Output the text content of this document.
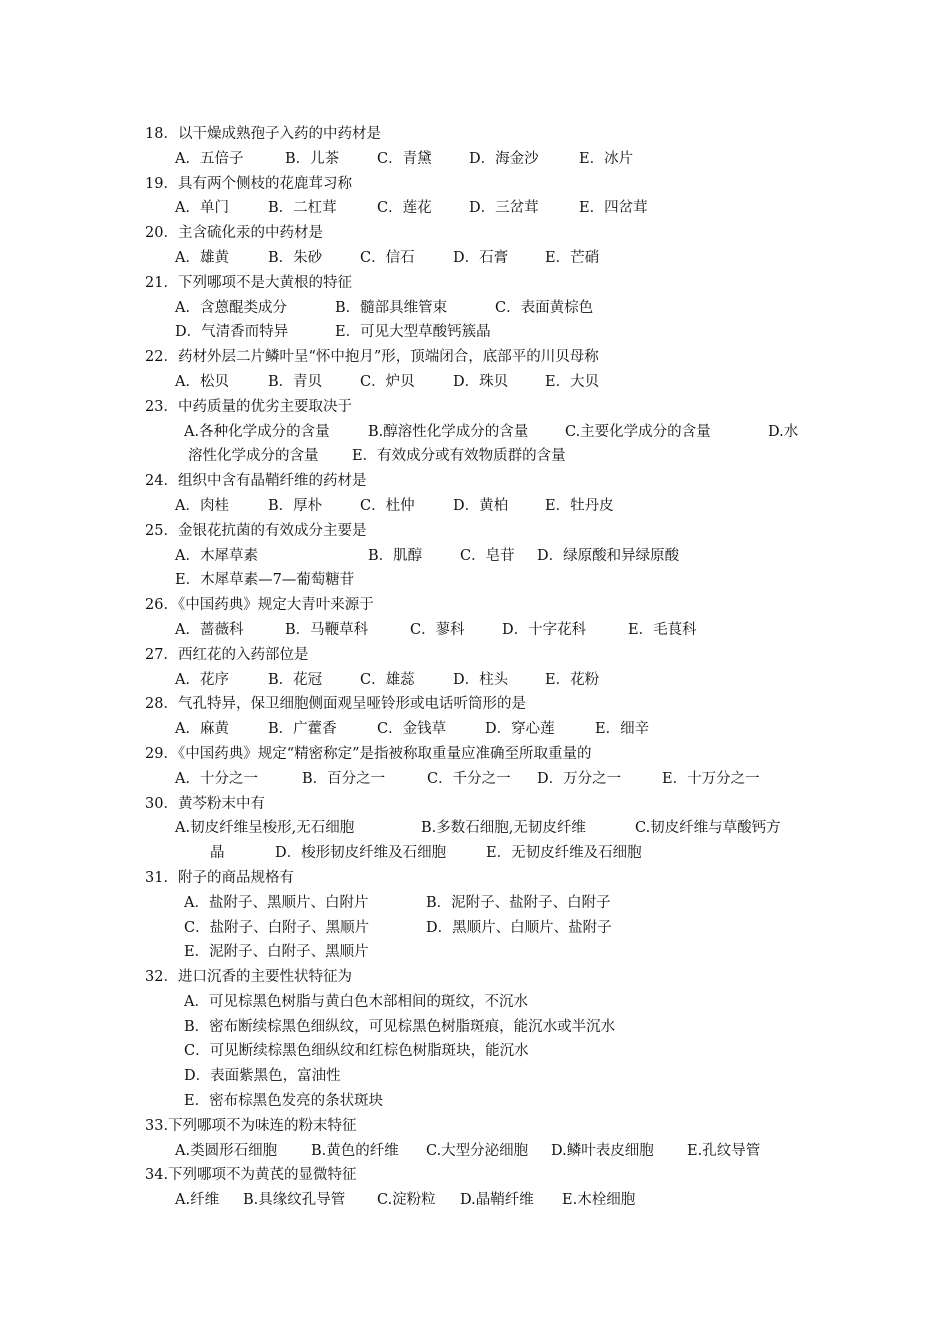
18．以干燥成熟孢子入药的中药材是
A．五倍子	B．儿茶	C．青黛	D．海金沙	E．冰片
19．具有两个侧枝的花鹿茸习称
A．单门	B．二杠茸	C．莲花	D．三岔茸	E．四岔茸
20．主含硫化汞的中药材是
A．雄黄	B．朱砂	C．信石	D．石膏	E．芒硝
21．下列哪项不是大黄根的特征
A．含蒽醌类成分	B．髓部具维管束	C．表面黄棕色
D．气清香而特异	E．可见大型草酸钙簇晶
22．药材外层二片鳞叶呈“怀中抱月”形，顶端闭合，底部平的川贝母称
A．松贝	B．青贝	C．炉贝	D．珠贝	E．大贝
23．中药质量的优劣主要取决于
A.各种化学成分的含量	B.醇溶性化学成分的含量	C.主要化学成分的含量	D.水
溶性化学成分的含量 E．有效成分或有效物质群的含量
24．组织中含有晶鞘纤维的药材是
A．肉桂	B．厚朴	C．杜仲	D．黄柏	E．牡丹皮
25．金银花抗菌的有效成分主要是
A．木犀草素	B．肌醇	C．皂苷 D．绿原酸和异绿原酸
E．木犀草素—7—葡萄糖苷
26．《中国药典》规定大青叶来源于
A．蔷薇科	B．马鞭草科	C．蓼科	D．十字花科	E．毛茛科
27．西红花的入药部位是
A．花序	B．花冠	C．雄蕊	D．柱头	E．花粉
28．气孔特异，保卫细胞侧面观呈哑铃形或电话听筒形的是
A．麻黄	B．广藿香	C．金钱草	D．穿心莲	E．细辛
29．《中国药典》规定“精密称定”是指被称取重量应准确至所取重量的
A．十分之一	B．百分之一	C．千分之一 D．万分之一	E．十万分之一
30．黄芩粉末中有
A.韧皮纤维呈梭形,无石细胞	B.多数石细胞,无韧皮纤维	C.韧皮纤维与草酸钙方
晶	D．梭形韧皮纤维及石细胞	E．无韧皮纤维及石细胞
31．附子的商品规格有
A．盐附子、黑顺片、白附片	B．泥附子、盐附子、白附子
C．盐附子、白附子、黑顺片	D．黑顺片、白顺片、盐附子
E．泥附子、白附子、黑顺片
32．进口沉香的主要性状特征为
A．可见棕黑色树脂与黄白色木部相间的斑纹，不沉水
B．密布断续棕黑色细纵纹，可见棕黑色树脂斑痕，能沉水或半沉水
C．可见断续棕黑色细纵纹和红棕色树脂斑块，能沉水
D．表面紫黑色，富油性
E．密布棕黑色发亮的条状斑块
33.下列哪项不为味连的粉末特征
A.类圆形石细胞 B.黄色的纤维 C.大型分泌细胞 D.鳞叶表皮细胞 E.孔纹导管
34.下列哪项不为黄芪的显微特征
A.纤维 B.具缘纹孔导管 C.淀粉粒 D.晶鞘纤维 E.木栓细胞
